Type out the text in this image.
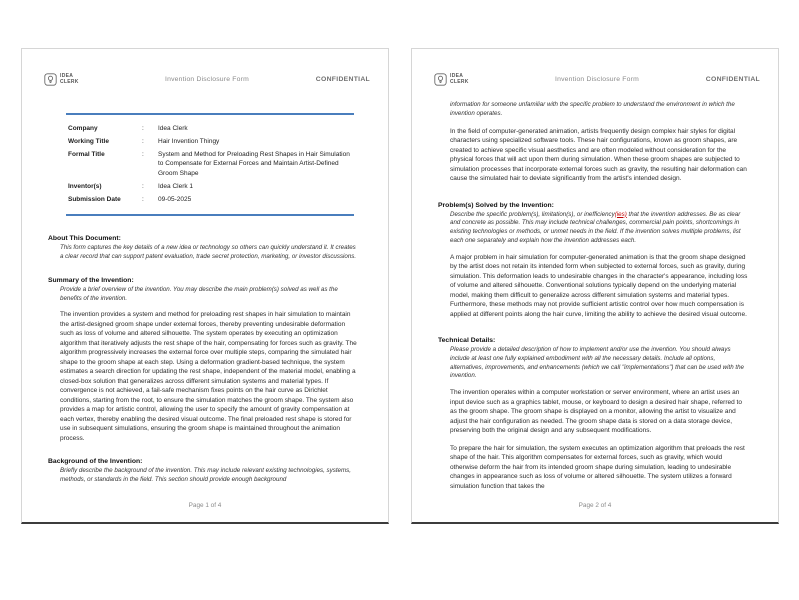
IDEA
CLERK	Invention Disclosure Form	CONFIDENTIAL
Company	:	Idea Clerk
Working Title	:	Hair Invention Thingy
Formal Title	:	System and Method for Preloading Rest Shapes in Hair Simulation to Compensate for External Forces and Maintain Artist-Defined Groom Shape
Inventor(s)	:	Idea Clerk 1
Submission Date	:	09-05-2025
About This Document:
This form captures the key details of a new idea or technology so others can quickly understand it. It creates a clear record that can support patent evaluation, trade secret protection, marketing, or investor discussions.
Summary of the Invention:
Provide a brief overview of the invention. You may describe the main problem(s) solved as well as the benefits of the invention.
The invention provides a system and method for preloading rest shapes in hair simulation to maintain the artist-designed groom shape under external forces, thereby preventing undesirable deformation such as loss of volume and altered silhouette. The system operates by executing an optimization algorithm that iteratively adjusts the rest shape of the hair, compensating for forces such as gravity. The algorithm progressively increases the external force over multiple steps, comparing the simulated hair shape to the groom shape at each step. Using a deformation gradient-based technique, the system estimates a search direction for updating the rest shape, independent of the material model, enabling a closed-box solution that generalizes across different simulation systems and material types. If convergence is not achieved, a fail-safe mechanism fixes points on the hair curve as Dirichlet conditions, starting from the root, to ensure the simulation matches the groom shape. The system also provides a map for artistic control, allowing the user to specify the amount of gravity compensation at each vertex, thereby enabling the desired visual outcome. The final preloaded rest shape is stored for use in subsequent simulations, ensuring the groom shape is maintained throughout the animation process.
Background of the Invention:
Briefly describe the background of the invention. This may include relevant existing technologies, systems, methods, or standards in the field. This section should provide enough background
Page 1 of 4
IDEA
CLERK	Invention Disclosure Form	CONFIDENTIAL
information for someone unfamiliar with the specific problem to understand the environment in which the invention operates.
In the field of computer-generated animation, artists frequently design complex hair styles for digital characters using specialized software tools. These hair configurations, known as groom shapes, are created to achieve specific visual aesthetics and are often modeled without consideration for the physical forces that will act upon them during simulation. When these groom shapes are subjected to simulation processes that incorporate external forces such as gravity, the resulting hair deformation can cause the simulated hair to deviate significantly from the artist's intended design.
Problem(s) Solved by the Invention:
Describe the specific problem(s), limitation(s), or inefficiency(ies) that the invention addresses. Be as clear and concrete as possible. This may include technical challenges, commercial pain points, shortcomings in existing technologies or methods, or unmet needs in the field. If the invention solves multiple problems, list each one separately and explain how the invention addresses each.
A major problem in hair simulation for computer-generated animation is that the groom shape designed by the artist does not retain its intended form when subjected to external forces, such as gravity, during simulation. This deformation leads to undesirable changes in the character's appearance, including loss of volume and altered silhouette. Conventional solutions typically depend on the underlying material model, making them difficult to generalize across different simulation systems and material types. Furthermore, these methods may not provide sufficient artistic control over how much compensation is applied at different points along the hair curve, limiting the ability to achieve the desired visual outcome.
Technical Details:
Please provide a detailed description of how to implement and/or use the invention. You should always include at least one fully explained embodiment with all the necessary details. Include all options, alternatives, improvements, and enhancements (which we call "implementations") that can be used with the invention.
The invention operates within a computer workstation or server environment, where an artist uses an input device such as a graphics tablet, mouse, or keyboard to design a desired hair shape, referred to as the groom shape. The groom shape is displayed on a monitor, allowing the artist to visualize and adjust the hair configuration as needed. The groom shape data is stored on a data storage device, preserving both the original design and any subsequent modifications.
To prepare the hair for simulation, the system executes an optimization algorithm that preloads the rest shape of the hair. This algorithm compensates for external forces, such as gravity, which would otherwise deform the hair from its intended groom shape during simulation, leading to undesirable changes in appearance such as loss of volume or altered silhouette. The system utilizes a forward simulation function that takes the
Page 2 of 4
